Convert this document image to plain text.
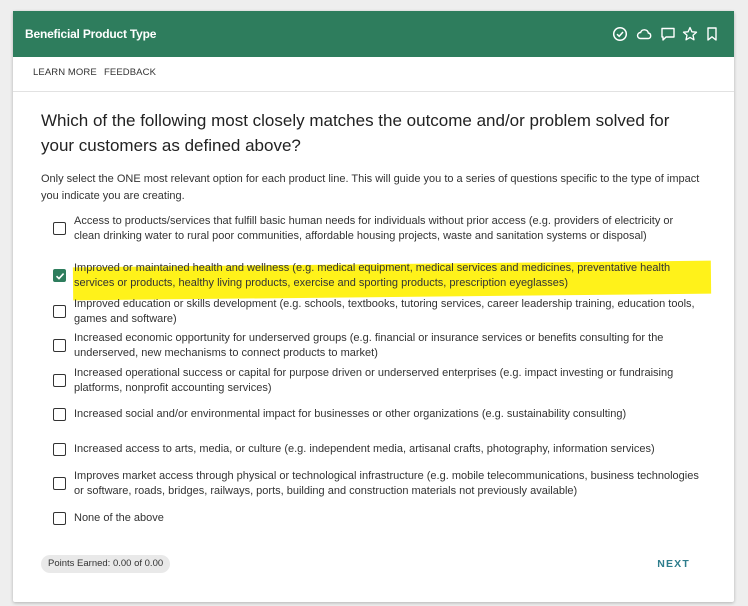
Beneficial Product Type
LEARN MORE FEEDBACK
Which of the following most closely matches the outcome and/or problem solved for your customers as defined above?
Only select the ONE most relevant option for each product line. This will guide you to a series of questions specific to the type of impact you indicate you are creating.
Access to products/services that fulfill basic human needs for individuals without prior access (e.g. providers of electricity or clean drinking water to rural poor communities, affordable housing projects, waste and sanitation systems or disposal)
Improved or maintained health and wellness (e.g. medical equipment, medical services and medicines, preventative health services or products, healthy living products, exercise and sporting products, prescription eyeglasses)
Improved education or skills development (e.g. schools, textbooks, tutoring services, career leadership training, education tools, games and software)
Increased economic opportunity for underserved groups (e.g. financial or insurance services or benefits consulting for the underserved, new mechanisms to connect products to market)
Increased operational success or capital for purpose driven or underserved enterprises (e.g. impact investing or fundraising platforms, nonprofit accounting services)
Increased social and/or environmental impact for businesses or other organizations (e.g. sustainability consulting)
Increased access to arts, media, or culture (e.g. independent media, artisanal crafts, photography, information services)
Improves market access through physical or technological infrastructure (e.g. mobile telecommunications, business technologies or software, roads, bridges, railways, ports, building and construction materials not previously available)
None of the above
Points Earned: 0.00 of 0.00	NEXT
